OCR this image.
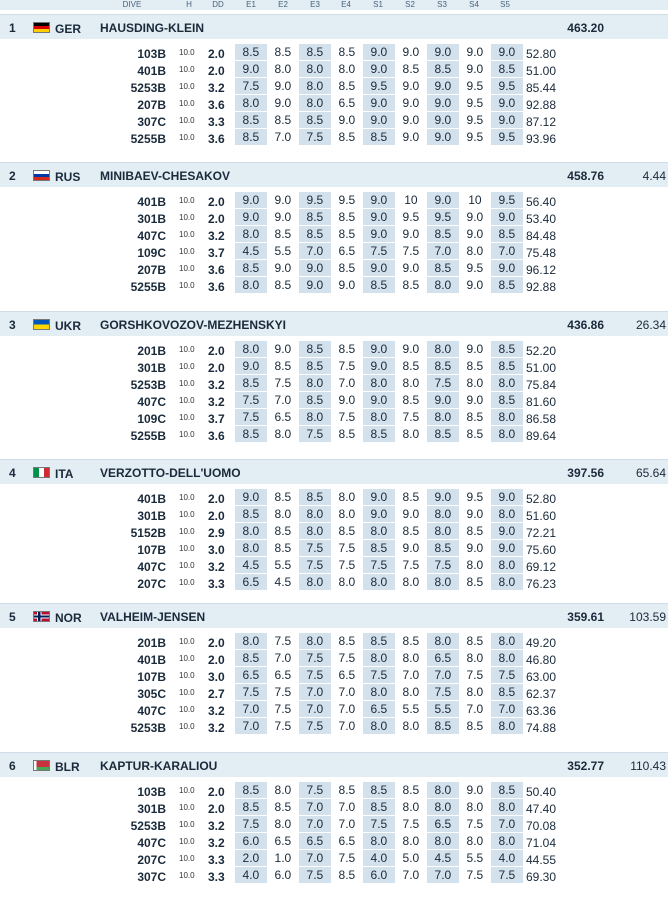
DIVE	H	DD	E1	E2	E3	E4	S1	S2	S3	S4	S5
1	GER HAUSDING-KLEIN	463.20
103B 10.0 2.0	8.5	8.5	8.5	8.5	9.0	9.0	9.0	9.0	9.0 52.80
401B 10.0 2.0	9.0	8.0	8.0	8.0	9.0	8.5	8.5	9.0	8.5 51.00
5253B 10.0 3.2	7.5	9.0	8.0	8.5	9.5	9.0	9.0	9.5	9.5 85.44
207B 10.0 3.6	8.0	9.0	8.0	6.5	9.0	9.0	9.0	9.5	9.0 92.88
307C 10.0 3.3	8.5	8.5	8.5	9.0	9.0	9.0	9.0	9.5	9.0 87.12
5255B 10.0 3.6	8.5	7.0	7.5	8.5	8.5	9.0	9.0	9.5	9.5 93.96
2	RUS MINIBAEV-CHESAKOV	458.76	4.44
401B 10.0 2.0	9.0	9.0	9.5	9.5	9.0	10	9.0	10	9.5 56.40
301B 10.0 2.0	9.0	9.0	8.5	8.5	9.0	9.5	9.5	9.0	9.0 53.40
407C 10.0 3.2	8.0	8.5	8.5	8.5	9.0	9.0	8.5	9.0	8.5 84.48
109C 10.0 3.7	4.5	5.5	7.0	6.5	7.5	7.5	7.0	8.0	7.0 75.48
207B 10.0 3.6	8.5	9.0	9.0	8.5	9.0	9.0	8.5	9.5	9.0 96.12
5255B 10.0 3.6	8.0	8.5	9.0	9.0	8.5	8.5	8.0	9.0	8.5 92.88
3	UKR GORSHKOVOZOV-MEZHENSKYI	436.86	26.34
201B 10.0 2.0	8.0	9.0	8.5	8.5	9.0	9.0	8.0	9.0	8.5 52.20
301B 10.0 2.0	9.0	8.5	8.5	7.5	9.0	8.5	8.5	8.5	8.5 51.00
5253B 10.0 3.2	8.5	7.5	8.0	7.0	8.0	8.0	7.5	8.0	8.0 75.84
407C 10.0 3.2	7.5	7.0	8.5	9.0	9.0	8.5	9.0	9.0	8.5 81.60
109C 10.0 3.7	7.5	6.5	8.0	7.5	8.0	7.5	8.0	8.5	8.0 86.58
5255B 10.0 3.6	8.5	8.0	7.5	8.5	8.5	8.0	8.5	8.5	8.0 89.64
4	ITA VERZOTTO-DELL'UOMO	397.56	65.64
401B 10.0 2.0	9.0	8.5	8.5	8.0	9.0	8.5	9.0	9.5	9.0 52.80
301B 10.0 2.0	8.5	8.0	8.0	8.0	9.0	9.0	8.0	9.0	8.0 51.60
5152B 10.0 2.9	8.0	8.5	8.0	8.5	8.0	8.5	8.0	8.5	9.0 72.21
107B 10.0 3.0	8.0	8.5	7.5	7.5	8.5	9.0	8.5	9.0	9.0 75.60
407C 10.0 3.2	4.5	5.5	7.5	7.5	7.5	7.5	7.5	8.0	8.0 69.12
207C 10.0 3.3	6.5	4.5	8.0	8.0	8.0	8.0	8.0	8.5	8.0 76.23
5	NOR VALHEIM-JENSEN	359.61	103.59
201B 10.0 2.0	8.0	7.5	8.0	8.5	8.5	8.5	8.0	8.5	8.0 49.20
401B 10.0 2.0	8.5	7.0	7.5	7.5	8.0	8.0	6.5	8.0	8.0 46.80
107B 10.0 3.0	6.5	6.5	7.5	6.5	7.5	7.0	7.0	7.5	7.5 63.00
305C 10.0 2.7	7.5	7.5	7.0	7.0	8.0	8.0	7.5	8.0	8.5 62.37
407C 10.0 3.2	7.0	7.5	7.0	7.0	6.5	5.5	5.5	7.0	7.0 63.36
5253B 10.0 3.2	7.0	7.5	7.5	7.0	8.0	8.0	8.5	8.5	8.0 74.88
6	BLR KAPTUR-KARALIOU	352.77	110.43
103B 10.0 2.0	8.5	8.0	7.5	8.5	8.5	8.5	8.0	9.0	8.5 50.40
301B 10.0 2.0	8.5	8.5	7.0	7.0	8.5	8.0	8.0	8.0	8.0 47.40
5253B 10.0 3.2	7.5	8.0	7.0	7.0	7.5	7.5	6.5	7.5	7.0 70.08
407C 10.0 3.2	6.0	6.5	6.5	6.5	8.0	8.0	8.0	8.0	8.0 71.04
207C 10.0 3.3	2.0	1.0	7.0	7.5	4.0	5.0	4.5	5.5	4.0 44.55
307C 10.0 3.3	4.0	6.0	7.5	8.5	6.0	7.0	7.0	7.5	7.5 69.30
